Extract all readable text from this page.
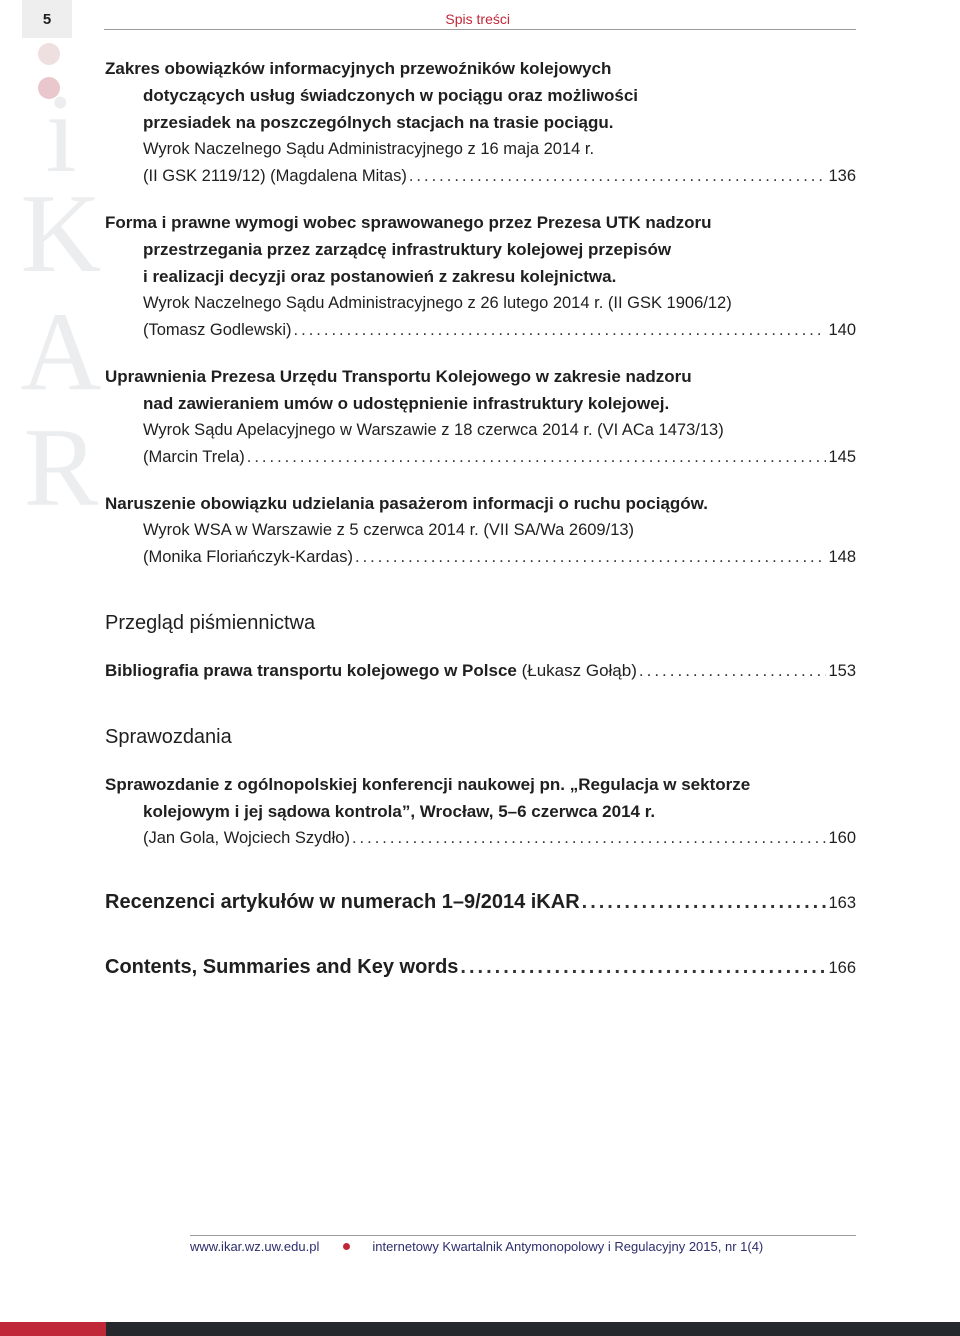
5	Spis treści
i
K
A
R
Zakres obowiązków informacyjnych przewoźników kolejowych
dotyczących usług świadczonych w pociągu oraz możliwości
przesiadek na poszczególnych stacjach na trasie pociągu.
Wyrok Naczelnego Sądu Administracyjnego z 16 maja 2014 r.
(II GSK 2119/12) (Magdalena Mitas) .....	136
Forma i prawne wymogi wobec sprawowanego przez Prezesa UTK nadzoru
przestrzegania przez zarządcę infrastruktury kolejowej przepisów
i realizacji decyzji oraz postanowień z zakresu kolejnictwa.
Wyrok Naczelnego Sądu Administracyjnego z 26 lutego 2014 r. (II GSK 1906/12)
(Tomasz Godlewski) .....	140
Uprawnienia Prezesa Urzędu Transportu Kolejowego w zakresie nadzoru
nad zawieraniem umów o udostępnienie infrastruktury kolejowej.
Wyrok Sądu Apelacyjnego w Warszawie z 18 czerwca 2014 r. (VI ACa 1473/13)
(Marcin Trela) .....	145
Naruszenie obowiązku udzielania pasażerom informacji o ruchu pociągów.
Wyrok WSA w Warszawie z 5 czerwca 2014 r. (VII SA/Wa 2609/13)
(Monika Floriańczyk-Kardas) .....	148
Przegląd piśmiennictwa
Bibliografia prawa transportu kolejowego w Polsce (Łukasz Gołąb) .....	153
Sprawozdania
Sprawozdanie z ogólnopolskiej konferencji naukowej pn. „Regulacja w sektorze
kolejowym i jej sądowa kontrola”, Wrocław, 5–6 czerwca 2014 r.
(Jan Gola, Wojciech Szydło) .....	160
Recenzenci artykułów w numerach 1–9/2014 iKAR .....	163
Contents, Summaries and Key words .....	166
www.ikar.wz.uw.edu.pl	internetowy Kwartalnik Antymonopolowy i Regulacyjny 2015, nr 1(4)
